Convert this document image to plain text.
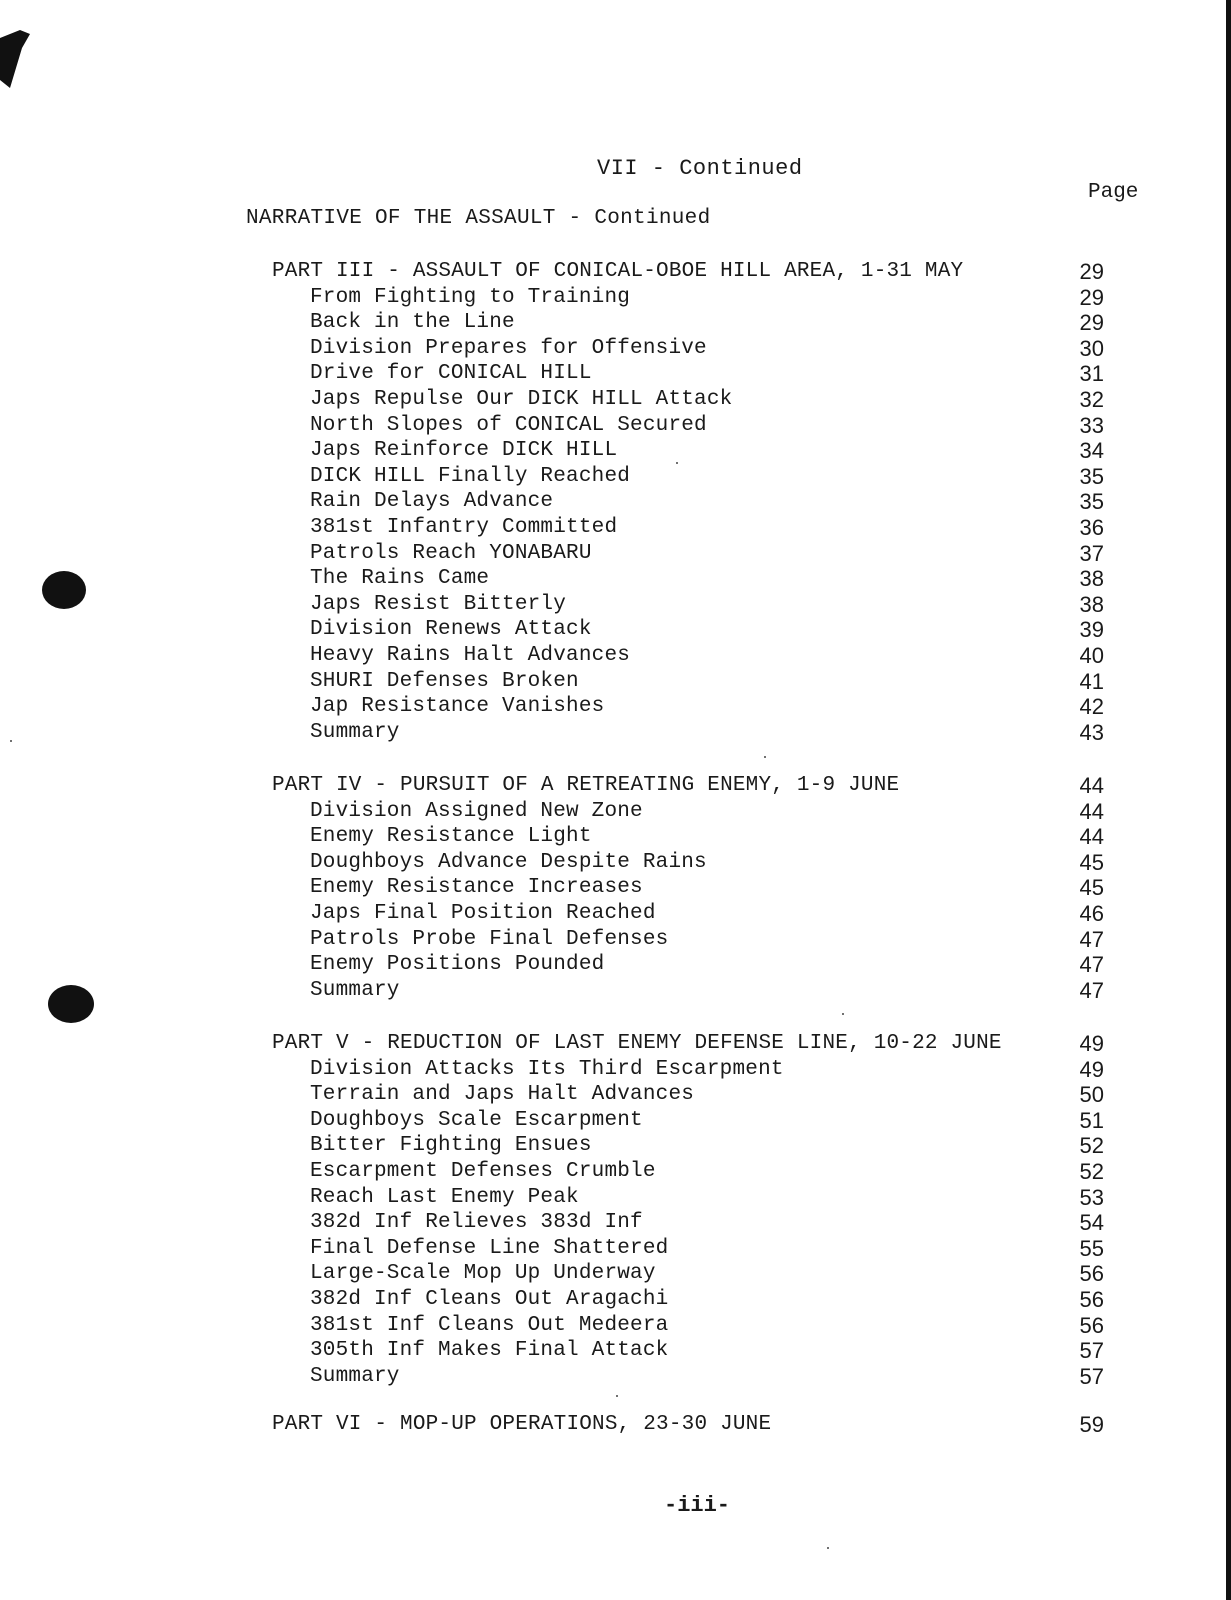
VII - Continued
Page
NARRATIVE OF THE ASSAULT - Continued
PART III - ASSAULT OF CONICAL-OBOE HILL AREA, 1-31 MAY	29
From Fighting to Training	29
Back in the Line	29
Division Prepares for Offensive	30
Drive for CONICAL HILL	31
Japs Repulse Our DICK HILL Attack	32
North Slopes of CONICAL Secured	33
Japs Reinforce DICK HILL	34
DICK HILL Finally Reached	35
Rain Delays Advance	35
381st Infantry Committed	36
Patrols Reach YONABARU	37
The Rains Came	38
Japs Resist Bitterly	38
Division Renews Attack	39
Heavy Rains Halt Advances	40
SHURI Defenses Broken	41
Jap Resistance Vanishes	42
Summary	43
PART IV - PURSUIT OF A RETREATING ENEMY, 1-9 JUNE	44
Division Assigned New Zone	44
Enemy Resistance Light	44
Doughboys Advance Despite Rains	45
Enemy Resistance Increases	45
Japs Final Position Reached	46
Patrols Probe Final Defenses	47
Enemy Positions Pounded	47
Summary	47
PART V - REDUCTION OF LAST ENEMY DEFENSE LINE, 10-22 JUNE	49
Division Attacks Its Third Escarpment	49
Terrain and Japs Halt Advances	50
Doughboys Scale Escarpment	51
Bitter Fighting Ensues	52
Escarpment Defenses Crumble	52
Reach Last Enemy Peak	53
382d Inf Relieves 383d Inf	54
Final Defense Line Shattered	55
Large-Scale Mop Up Underway	56
382d Inf Cleans Out Aragachi	56
381st Inf Cleans Out Medeera	56
305th Inf Makes Final Attack	57
Summary	57
PART VI - MOP-UP OPERATIONS, 23-30 JUNE	59
-iii-
